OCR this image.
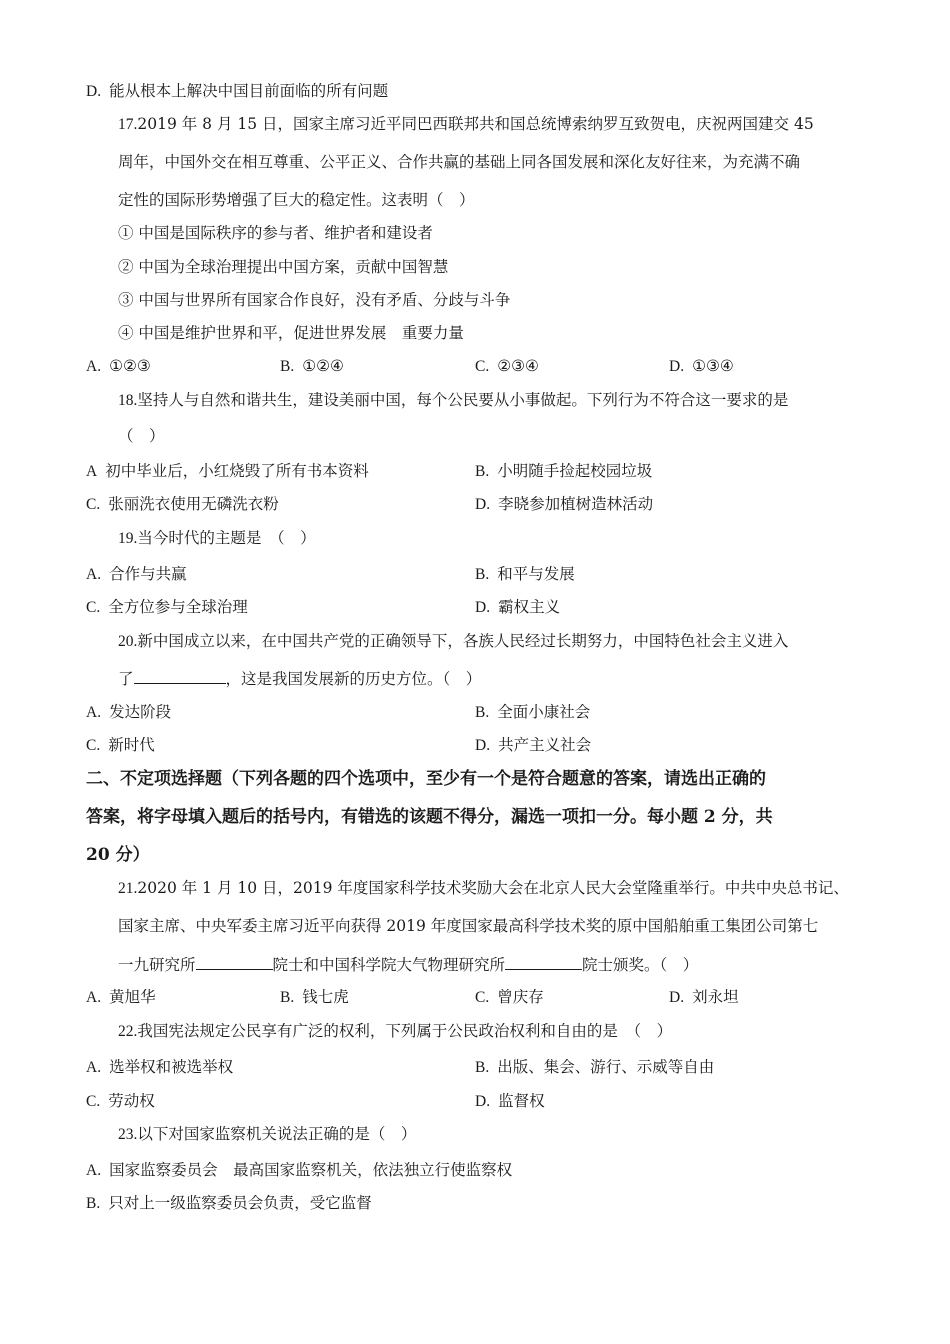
D. 能从根本上解决中国目前面临的所有问题
17.2019 年 8 月 15 日，国家主席习近平同巴西联邦共和国总统博索纳罗互致贺电，庆祝两国建交 45
周年，中国外交在相互尊重、公平正义、合作共赢的基础上同各国发展和深化友好往来，为充满不确
定性的国际形势增强了巨大的稳定性。这表明（　）
① 中国是国际秩序的参与者、维护者和建设者
② 中国为全球治理提出中国方案，贡献中国智慧
③ 中国与世界所有国家合作良好，没有矛盾、分歧与斗争
④ 中国是维护世界和平，促进世界发展　重要力量
A. ①②③	B. ①②④	C. ②③④	D. ①③④
18.坚持人与自然和谐共生，建设美丽中国，每个公民要从小事做起。下列行为不符合这一要求的是
（　）
A 初中毕业后，小红烧毁了所有书本资料	B. 小明随手捡起校园垃圾
C. 张丽洗衣使用无磷洗衣粉	D. 李晓参加植树造林活动
19.当今时代的主题是　（　）
A. 合作与共赢	B. 和平与发展
C. 全方位参与全球治理	D. 霸权主义
20.新中国成立以来，在中国共产党的正确领导下，各族人民经过长期努力，中国特色社会主义进入
了	，这是我国发展新的历史方位。（　）
A. 发达阶段	B. 全面小康社会
C. 新时代	D. 共产主义社会
二、不定项选择题（下列各题的四个选项中，至少有一个是符合题意的答案，请选出正确的
答案，将字母填入题后的括号内，有错选的该题不得分，漏选一项扣一分。每小题 2 分，共
20 分）
21.2020 年 1 月 10 日，2019 年度国家科学技术奖励大会在北京人民大会堂隆重举行。中共中央总书记、
国家主席、中央军委主席习近平向获得 2019 年度国家最高科学技术奖的原中国船舶重工集团公司第七
一九研究所	院士和中国科学院大气物理研究所	院士颁奖。（　）
A. 黄旭华	B. 钱七虎	C. 曾庆存	D. 刘永坦
22.我国宪法规定公民享有广泛的权利，下列属于公民政治权利和自由的是　（　）
A. 选举权和被选举权	B. 出版、集会、游行、示威等自由
C. 劳动权	D. 监督权
23.以下对国家监察机关说法正确的是（　）
A. 国家监察委员会　最高国家监察机关，依法独立行使监察权
B. 只对上一级监察委员会负责，受它监督
